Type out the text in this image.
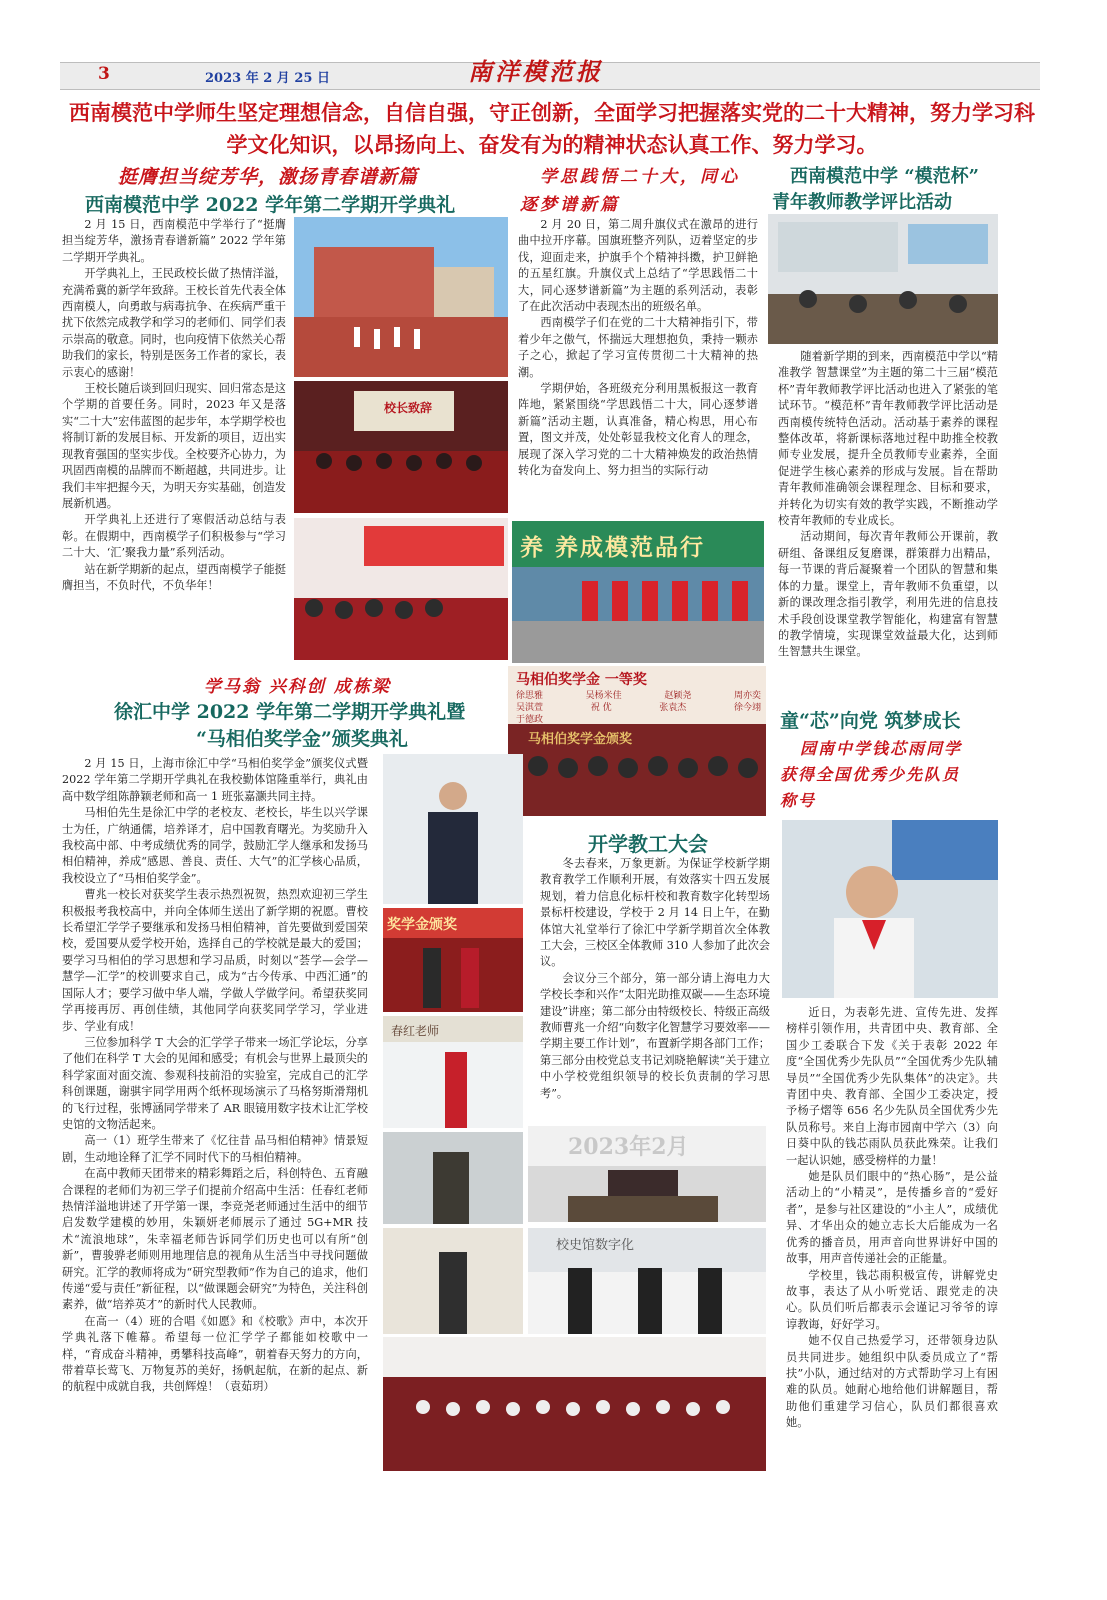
3	2023 年 2 月 25 日	南洋模范报
西南模范中学师生坚定理想信念，自信自强，守正创新，全面学习把握落实党的二十大精神，努力学习科学文化知识，以昂扬向上、奋发有为的精神状态认真工作、努力学习。
挺膺担当绽芳华，激扬青春谱新篇
西南模范中学 2022 学年第二学期开学典礼

2 月 15 日，西南模范中学举行了“挺膺担当绽芳华，激扬青春谱新篇” 2022 学年第二学期开学典礼。

开学典礼上，王民政校长做了热情洋溢，充满希冀的新学年致辞。王校长首先代表全体西南模人，向勇敢与病毒抗争、在疾病严重干扰下依然完成教学和学习的老师们、同学们表示崇高的敬意。同时，也向疫情下依然关心帮助我们的家长，特别是医务工作者的家长，表示衷心的感谢！

王校长随后谈到回归现实、回归常态是这个学期的首要任务。同时，2023 年又是落实“二十大”宏伟蓝图的起步年，本学期学校也将制订新的发展目标、开发新的项目，迈出实现教育强国的坚实步伐。全校要齐心协力，为巩固西南模的品牌而不断超越，共同进步。让我们丰牢把握今天，为明天夯实基础，创造发展新机遇。

开学典礼上还进行了寒假活动总结与表彰。在假期中，西南模学子们积极参与“学习二十大、‘汇’聚我力量”系列活动。

站在新学期新的起点，望西南模学子能挺膺担当，不负时代，不负华年！

校长致辞
学思践悟二十大，同心
逐梦谱新篇

2 月 20 日，第二周升旗仪式在激昂的进行曲中拉开序幕。国旗班整齐列队，迈着坚定的步伐，迎面走来，护旗手个个精神抖擞，护卫鲜艳的五星红旗。升旗仪式上总结了“学思践悟二十大，同心逐梦谱新篇”为主题的系列活动，表彰了在此次活动中表现杰出的班级名单。

西南模学子们在党的二十大精神指引下，带着少年之傲气，怀揣远大理想抱负，秉持一颗赤子之心，掀起了学习宣传贯彻二十大精神的热潮。

学期伊始，各班级充分利用黑板报这一教育阵地，紧紧围绕“学思践悟二十大，同心逐梦谱新篇”活动主题，认真准备，精心构思，用心布置，图文并茂，处处彰显我校文化育人的理念，展现了深入学习党的二十大精神焕发的政治热情转化为奋发向上、努力担当的实际行动

养 养成模范品行
西南模范中学 “模范杯”
青年教师教学评比活动

随着新学期的到来，西南模范中学以“精准教学 智慧课堂”为主题的第二十三届“模范杯”青年教师教学评比活动也进入了紧张的笔试环节。“模范杯”青年教师教学评比活动是西南模传统特色活动。活动基于素养的课程整体改革，将新课标落地过程中助推全校教师专业发展，提升全员教师专业素养，全面促进学生核心素养的形成与发展。旨在帮助青年教师准确领会课程理念、目标和要求，并转化为切实有效的教学实践，不断推动学校青年教师的专业成长。

活动期间，每次青年教师公开课前，教研组、备课组反复磨课，群策群力出精品，每一节课的背后凝聚着一个团队的智慧和集体的力量。课堂上，青年教师不负重望，以新的课改理念指引教学，利用先进的信息技术手段创设课堂教学智能化，构建富有智慧的教学情境，实现课堂效益最大化，达到师生智慧共生课堂。

马相伯奖学金 一等奖
徐思雅	吴杨米佳	赵颖尧	周亦奕
吴淇萱	祝 优	张袁杰	徐今翊
于德政
马相伯奖学金颁奖
学马翁 兴科创 成栋梁
徐汇中学 2022 学年第二学期开学典礼暨
“马相伯奖学金”颁奖典礼

2 月 15 日，上海市徐汇中学“马相伯奖学金”颁奖仪式暨 2022 学年第二学期开学典礼在我校勤体馆隆重举行，典礼由高中数学组陈静颖老师和高一 1 班张嘉灏共同主持。

马相伯先生是徐汇中学的老校友、老校长，毕生以兴学课士为任，广纳通儒，培养译才，启中国教育曙光。为奖励升入我校高中部、中考成绩优秀的同学，鼓励汇学人继承和发扬马相伯精神，养成“感恩、善良、责任、大气”的汇学核心品质，我校设立了“马相伯奖学金”。

曹兆一校长对获奖学生表示热烈祝贺，热烈欢迎初三学生积极报考我校高中，并向全体师生送出了新学期的祝愿。曹校长希望汇学学子要继承和发扬马相伯精神，首先要做到爱国荣校，爱国要从爱学校开始，选择自己的学校就是最大的爱国；要学习马相伯的学习思想和学习品质，时刻以“荟学—会学—慧学—汇学”的校训要求自己，成为“古今传承、中西汇通”的国际人才；要学习做中华人端，学做人学做学问。希望获奖同学再接再厉、再创佳绩，其他同学向获奖同学学习，学业进步、学业有成！

三位参加科学 T 大会的汇学学子带来一场汇学论坛，分享了他们在科学 T 大会的见闻和感受；有机会与世界上最顶尖的科学家面对面交流、参观科技前沿的实验室，完成自己的汇学科创课题，谢骐宇同学用两个纸杯现场演示了马格努斯滑翔机的飞行过程，张博涵同学带来了 AR 眼镜用数字技术让汇学校史馆的文物活起来。

高一（1）班学生带来了《忆往昔 品马相伯精神》情景短剧，生动地诠释了汇学不同时代下的马相伯精神。

在高中教师天团带来的精彩舞蹈之后，科创特色、五育融合课程的老师们为初三学子们提前介绍高中生活：任春红老师热情洋溢地讲述了开学第一课，李竞尧老师通过生活中的细节启发数学建模的妙用，朱颖妍老师展示了通过 5G+MR 技术“流浪地球”，朱幸福老师告诉同学们历史也可以有所“创新”，曹骏骅老师则用地理信息的视角从生活当中寻找问题做研究。汇学的教师将成为“研究型教师”作为自己的追求，他们传递“爱与责任”新征程，以“做课题会研究”为特色，关注科创素养，做“培养英才”的新时代人民教师。

在高一（4）班的合唱《如愿》和《校歌》声中，本次开学典礼落下帷幕。希望每一位汇学学子都能如校歌中一样，“育成奋斗精神，勇攀科技高峰”，朝着春天努力的方向，带着草长莺飞、万物复苏的美好，扬帆起航，在新的起点、新的航程中成就自我，共创辉煌！（袁茹玥）

奖学金颁奖
春红老师
2023年2月
校史馆数字化
开学教工大会

冬去春来，万象更新。为保证学校新学期教育教学工作顺利开展，有效落实十四五发展规划，着力信息化标杆校和教育数字化转型场景标杆校建设，学校于 2 月 14 日上午，在勤体馆大礼堂举行了徐汇中学新学期首次全体教工大会，三校区全体教师 310 人参加了此次会议。

会议分三个部分，第一部分请上海电力大学校长李和兴作“太阳光助推双碳——生态环境建设”讲座；第二部分由特级校长、特级正高级教师曹兆一介绍“向数字化智慧学习要效率——学期主要工作计划”，布置新学期各部门工作；第三部分由校党总支书记刘晓艳解读“关于建立中小学校党组织领导的校长负责制的学习思考”。

童“芯”向党 筑梦成长
园南中学钱芯雨同学
获得全国优秀少先队员
称号

近日，为表彰先进、宣传先进、发挥榜样引领作用，共青团中央、教育部、全国少工委联合下发《关于表彰 2022 年度“全国优秀少先队员”“全国优秀少先队辅导员”“全国优秀少先队集体”的决定》。共青团中央、教育部、全国少工委决定，授予杨子熠等 656 名少先队员全国优秀少先队员称号。来自上海市园南中学六（3）向日葵中队的钱芯雨队员获此殊荣。让我们一起认识她，感受榜样的力量！

她是队员们眼中的“热心肠”，是公益活动上的“小精灵”，是传播乡音的“爱好者”，是参与社区建设的“小主人”，成绩优异、才华出众的她立志长大后能成为一名优秀的播音员，用声音向世界讲好中国的故事，用声音传递社会的正能量。

学校里，钱芯雨积极宣传，讲解党史故事，表达了从小听党话、跟党走的决心。队员们听后都表示会谨记习爷爷的谆谆教诲，好好学习。

她不仅自己热爱学习，还带领身边队员共同进步。她组织中队委员成立了“帮扶”小队，通过结对的方式帮助学习上有困难的队员。她耐心地给他们讲解题目，帮助他们重建学习信心，队员们都很喜欢她。
